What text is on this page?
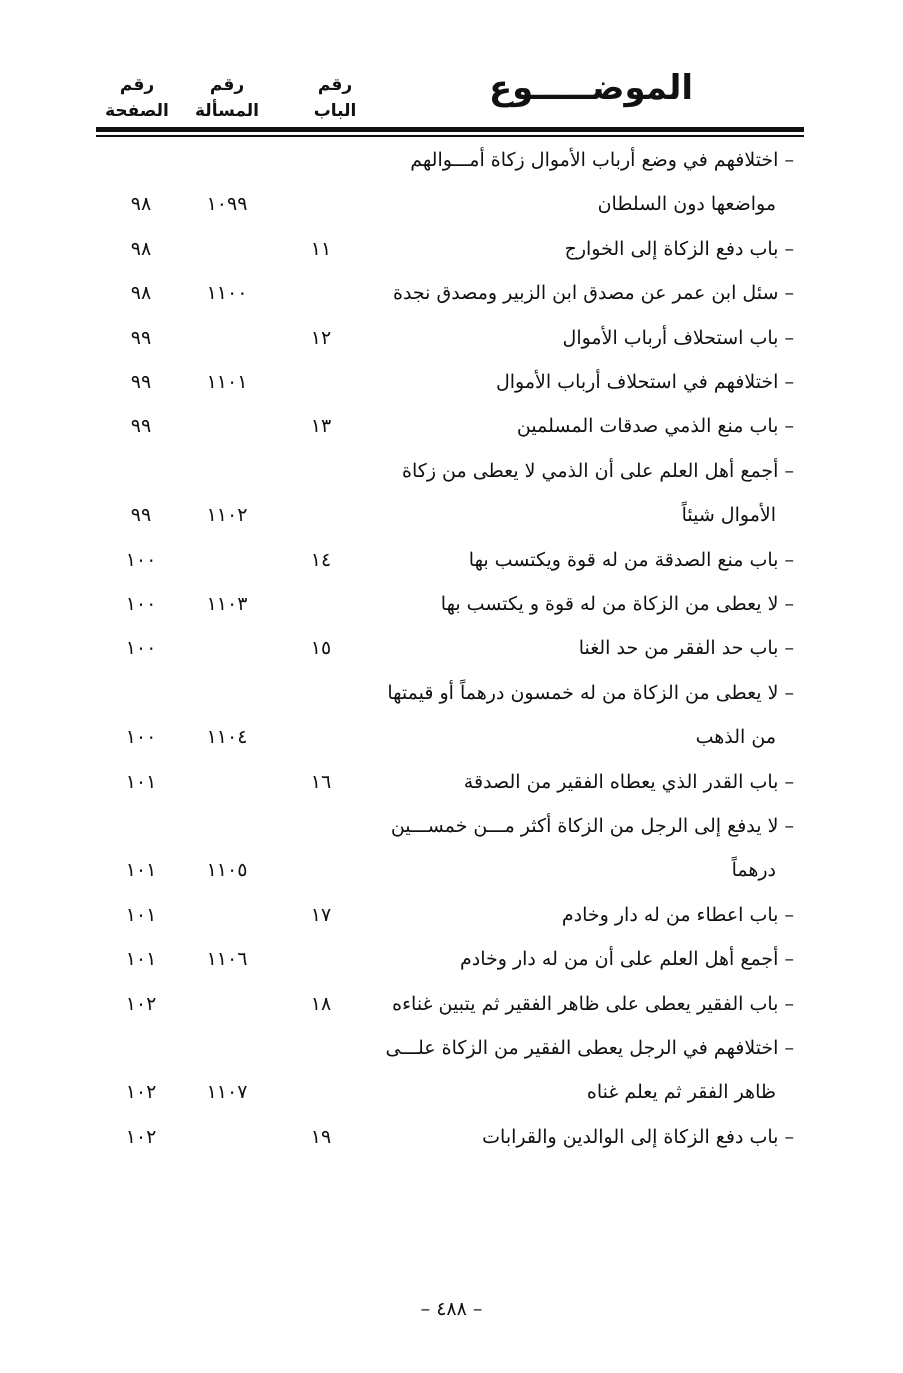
الموضـــــوع
رقم
الباب
رقم
المسألة
رقم
الصفحة
– اختلافهم في وضع أرباب الأموال زكاة أمـــوالهم
مواضعها دون السلطان
١٠٩٩
٩٨
– باب دفع الزكاة إلى الخوارج
١١
٩٨
– سئل ابن عمر عن مصدق ابن الزبير ومصدق نجدة
١١٠٠
٩٨
– باب استحلاف أرباب الأموال
١٢
٩٩
– اختلافهم في استحلاف أرباب الأموال
١١٠١
٩٩
– باب منع الذمي صدقات المسلمين
١٣
٩٩
– أجمع أهل العلم على أن الذمي لا يعطى من زكاة
الأموال شيئاً
١١٠٢
٩٩
– باب منع الصدقة من له قوة ويكتسب بها
١٤
١٠٠
– لا يعطى من الزكاة من له قوة و يكتسب بها
١١٠٣
١٠٠
– باب حد الفقر من حد الغنا
١٥
١٠٠
– لا يعطى من الزكاة من له خمسون درهماً أو قيمتها
من الذهب
١١٠٤
١٠٠
– باب القدر الذي يعطاه الفقير من الصدقة
١٦
١٠١
– لا يدفع إلى الرجل من الزكاة أكثر مـــن خمســـين
درهماً
١١٠٥
١٠١
– باب اعطاء من له دار وخادم
١٧
١٠١
– أجمع أهل العلم على أن من له دار وخادم
١١٠٦
١٠١
– باب الفقير يعطى على ظاهر الفقير ثم يتبين غناءه
١٨
١٠٢
– اختلافهم في الرجل يعطى الفقير من الزكاة علـــى
ظاهر الفقر ثم يعلم غناه
١١٠٧
١٠٢
– باب دفع الزكاة إلى الوالدين والقرابات
١٩
١٠٢
– ٤٨٨ –
